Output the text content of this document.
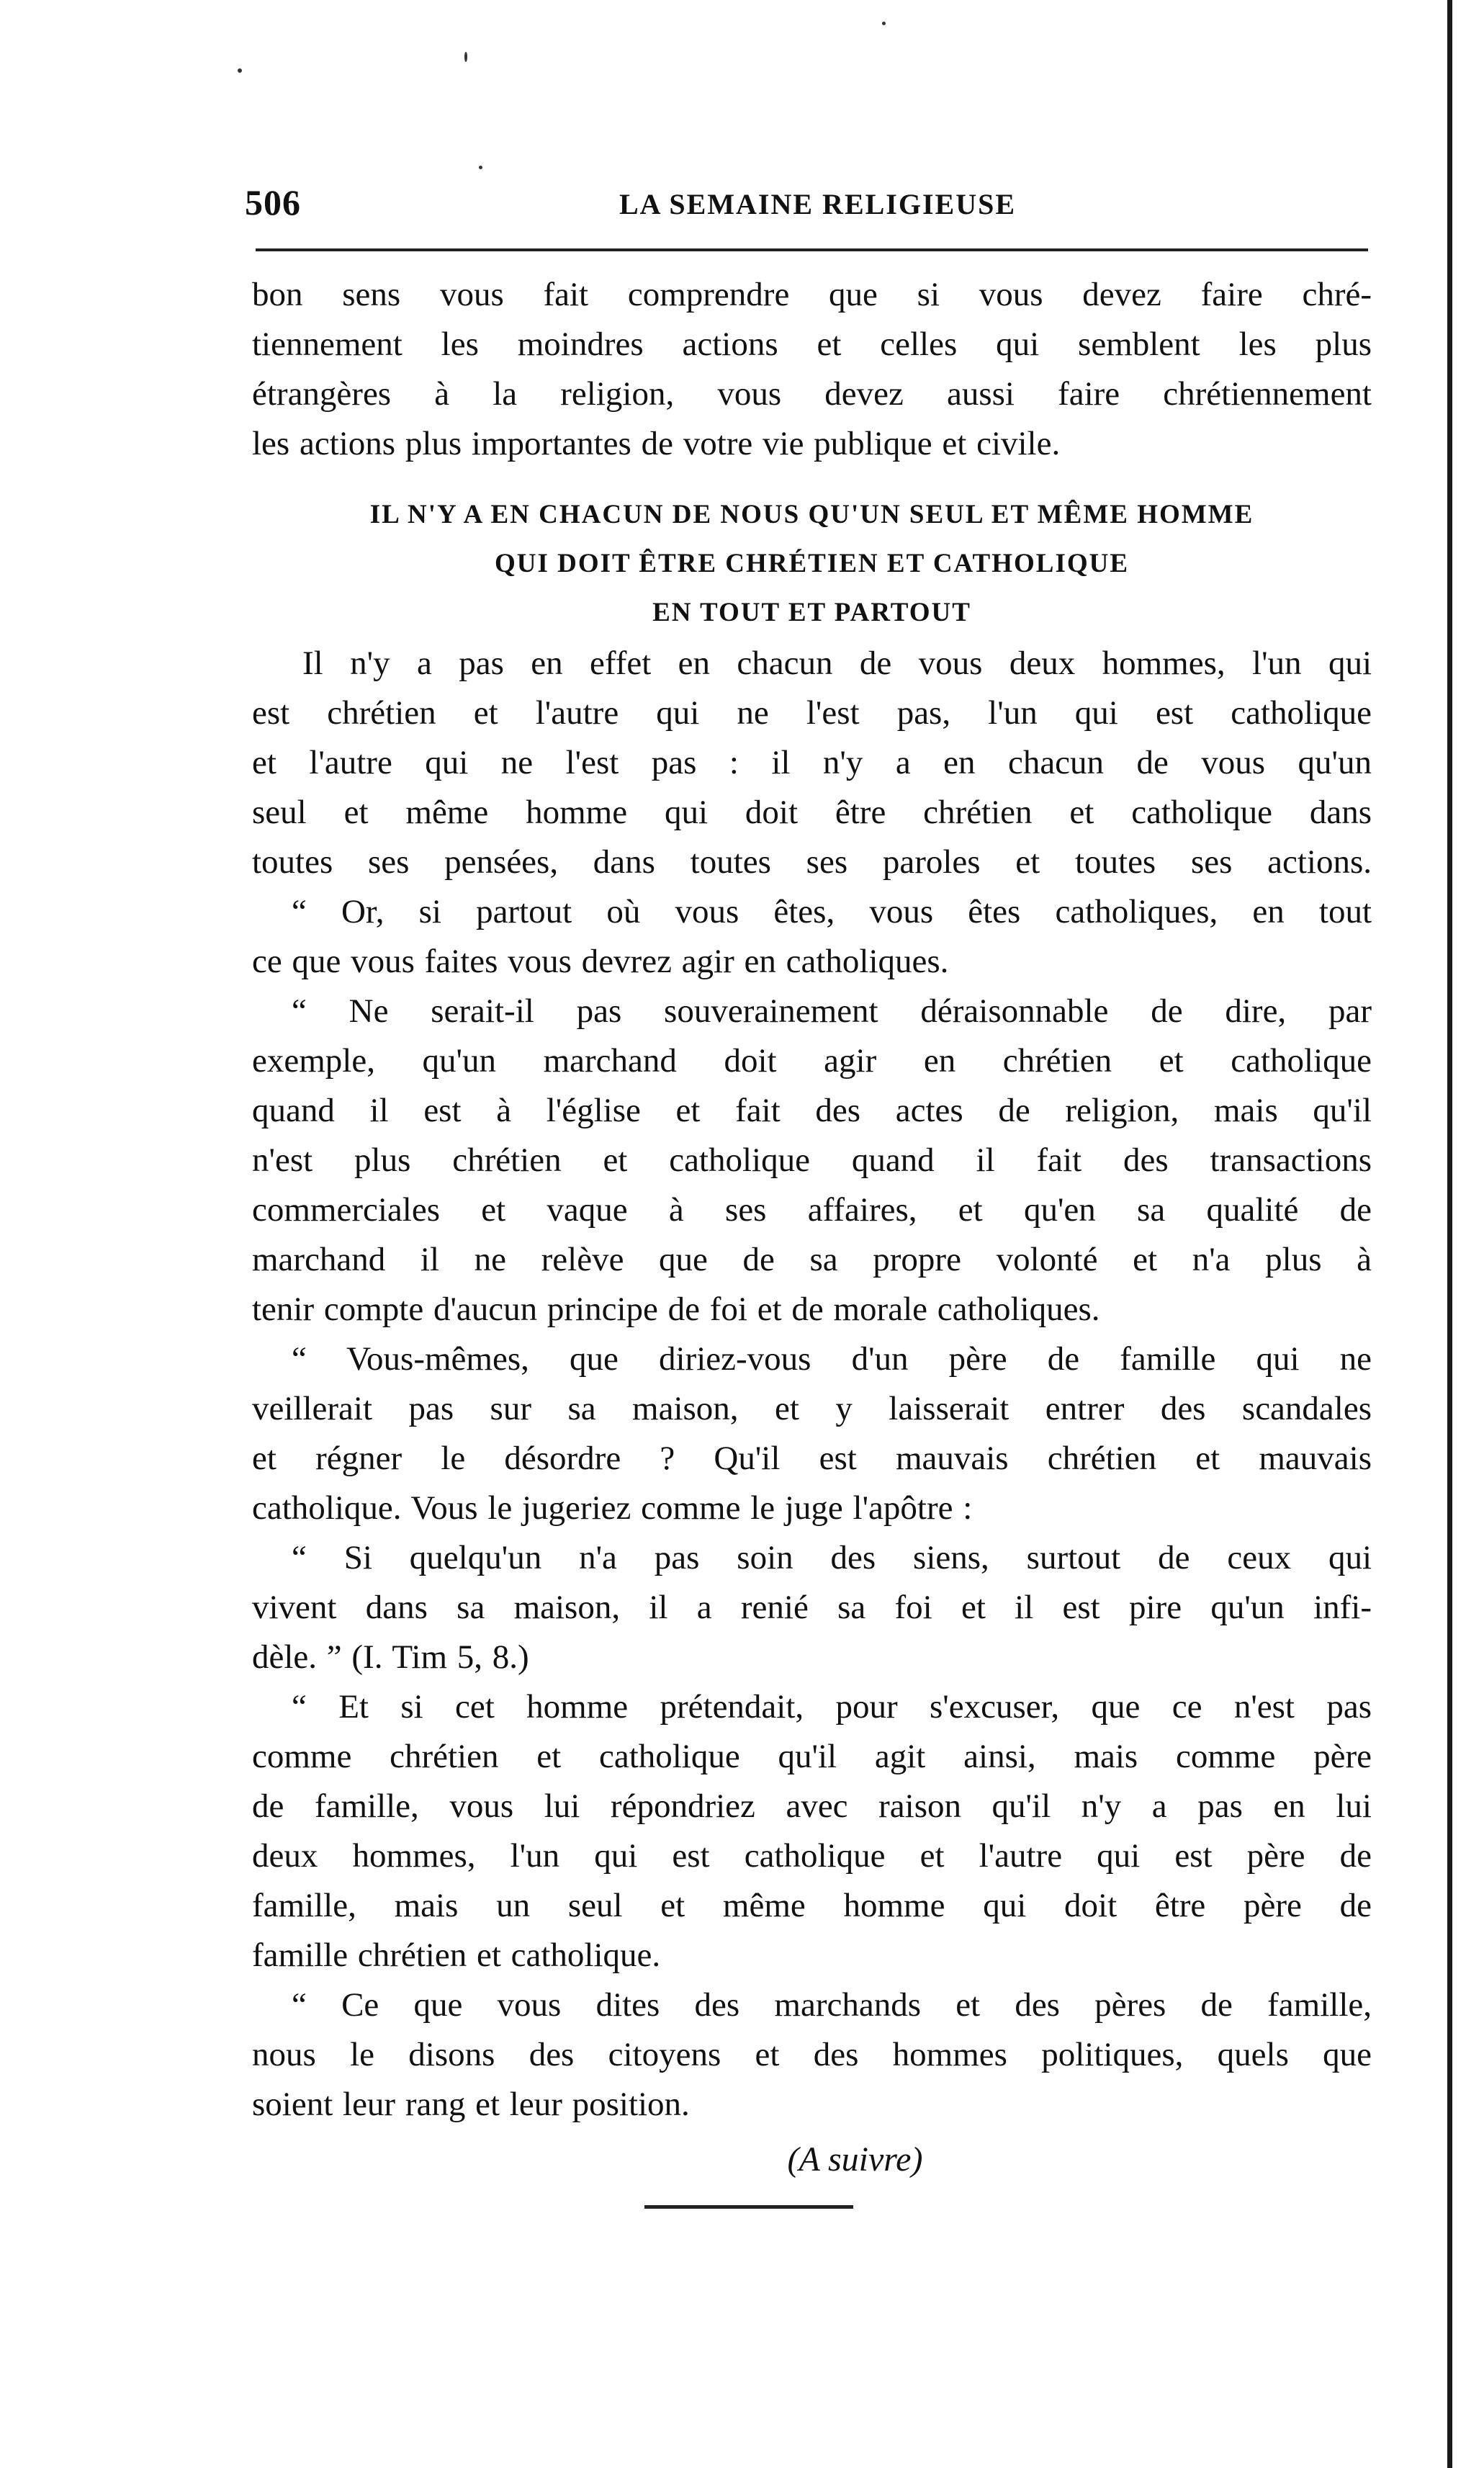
506	LA SEMAINE RELIGIEUSE
bon sens vous fait comprendre que si vous devez faire chré-
tiennement les moindres actions et celles qui semblent les plus
étrangères à la religion, vous devez aussi faire chrétiennement
les actions plus importantes de votre vie publique et civile.
IL N'Y A EN CHACUN DE NOUS QU'UN SEUL ET MÊME HOMME
QUI DOIT ÊTRE CHRÉTIEN ET CATHOLIQUE
EN TOUT ET PARTOUT
Il n'y a pas en effet en chacun de vous deux hommes, l'un qui
est chrétien et l'autre qui ne l'est pas, l'un qui est catholique
et l'autre qui ne l'est pas : il n'y a en chacun de vous qu'un
seul et même homme qui doit être chrétien et catholique dans
toutes ses pensées, dans toutes ses paroles et toutes ses actions.
“ Or, si partout où vous êtes, vous êtes catholiques, en tout
ce que vous faites vous devrez agir en catholiques.
“ Ne serait-il pas souverainement déraisonnable de dire, par
exemple, qu'un marchand doit agir en chrétien et catholique
quand il est à l'église et fait des actes de religion, mais qu'il
n'est plus chrétien et catholique quand il fait des transactions
commerciales et vaque à ses affaires, et qu'en sa qualité de
marchand il ne relève que de sa propre volonté et n'a plus à
tenir compte d'aucun principe de foi et de morale catholiques.
“ Vous-mêmes, que diriez-vous d'un père de famille qui ne
veillerait pas sur sa maison, et y laisserait entrer des scandales
et régner le désordre ? Qu'il est mauvais chrétien et mauvais
catholique. Vous le jugeriez comme le juge l'apôtre :
“ Si quelqu'un n'a pas soin des siens, surtout de ceux qui
vivent dans sa maison, il a renié sa foi et il est pire qu'un infi-
dèle. ” (I. Tim 5, 8.)
“ Et si cet homme prétendait, pour s'excuser, que ce n'est pas
comme chrétien et catholique qu'il agit ainsi, mais comme père
de famille, vous lui répondriez avec raison qu'il n'y a pas en lui
deux hommes, l'un qui est catholique et l'autre qui est père de
famille, mais un seul et même homme qui doit être père de
famille chrétien et catholique.
“ Ce que vous dites des marchands et des pères de famille,
nous le disons des citoyens et des hommes politiques, quels que
soient leur rang et leur position.
(A suivre)
